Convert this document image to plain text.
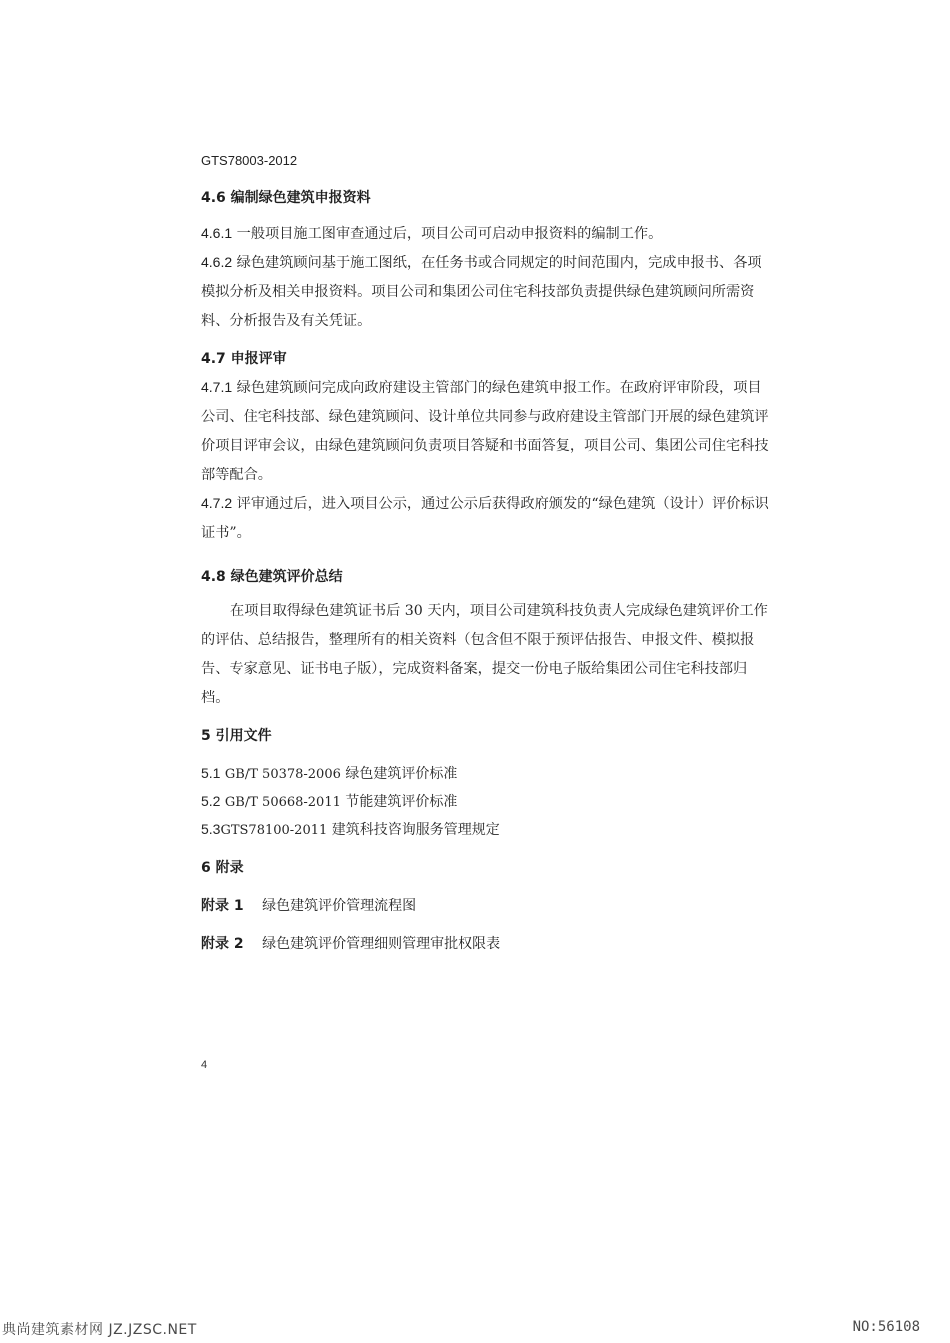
GTS78003-2012
4.6 编制绿色建筑申报资料
4.6.1 一般项目施工图审查通过后，项目公司可启动申报资料的编制工作。
4.6.2 绿色建筑顾问基于施工图纸，在任务书或合同规定的时间范围内，完成申报书、各项模拟分析及相关申报资料。项目公司和集团公司住宅科技部负责提供绿色建筑顾问所需资料、分析报告及有关凭证。
4.7 申报评审
4.7.1 绿色建筑顾问完成向政府建设主管部门的绿色建筑申报工作。在政府评审阶段，项目公司、住宅科技部、绿色建筑顾问、设计单位共同参与政府建设主管部门开展的绿色建筑评价项目评审会议，由绿色建筑顾问负责项目答疑和书面答复，项目公司、集团公司住宅科技部等配合。
4.7.2 评审通过后，进入项目公示，通过公示后获得政府颁发的“绿色建筑（设计）评价标识证书”。
4.8 绿色建筑评价总结
在项目取得绿色建筑证书后 30 天内，项目公司建筑科技负责人完成绿色建筑评价工作的评估、总结报告，整理所有的相关资料（包含但不限于预评估报告、申报文件、模拟报告、专家意见、证书电子版），完成资料备案，提交一份电子版给集团公司住宅科技部归档。
5 引用文件
5.1 GB/T 50378-2006 绿色建筑评价标准
5.2 GB/T 50668-2011 节能建筑评价标准
5.3GTS78100-2011 建筑科技咨询服务管理规定
6 附录
附录 1 绿色建筑评价管理流程图
附录 2 绿色建筑评价管理细则管理审批权限表
4
典尚建筑素材网 JZ.JZSC.NET	NO:56108
